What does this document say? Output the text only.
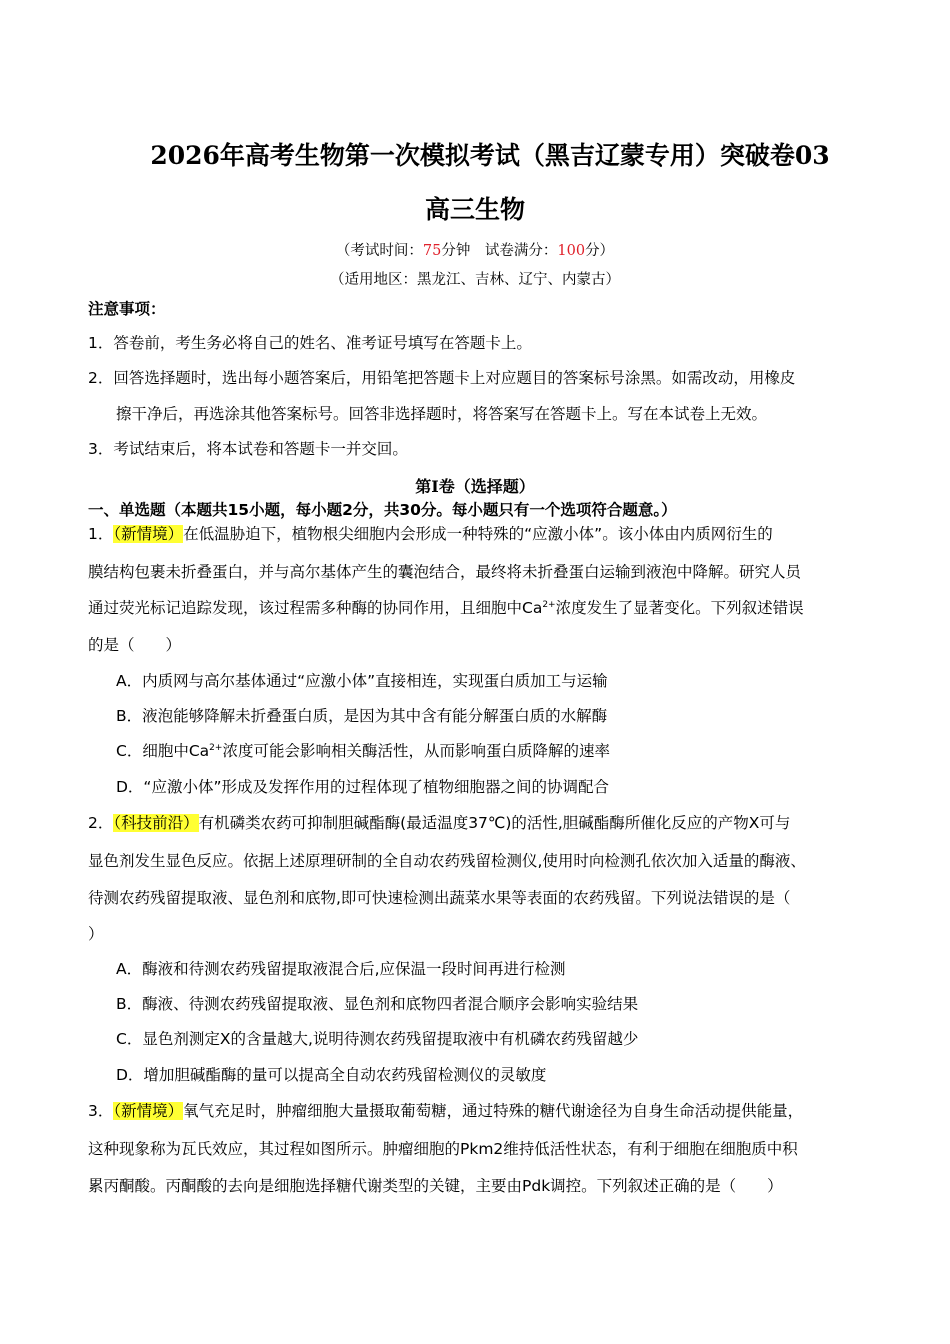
2026年高考生物第一次模拟考试（黑吉辽蒙专用）突破卷03
高三生物
（考试时间：75分钟　试卷满分：100分）
（适用地区：黑龙江、吉林、辽宁、内蒙古）
注意事项：
1．答卷前，考生务必将自己的姓名、准考证号填写在答题卡上。
2．回答选择题时，选出每小题答案后，用铅笔把答题卡上对应题目的答案标号涂黑。如需改动，用橡皮
擦干净后，再选涂其他答案标号。回答非选择题时，将答案写在答题卡上。写在本试卷上无效。
3．考试结束后，将本试卷和答题卡一并交回。
第Ⅰ卷（选择题）
一、单选题（本题共15小题，每小题2分，共30分。每小题只有一个选项符合题意。）
1．（新情境）在低温胁迫下，植物根尖细胞内会形成一种特殊的“应激小体”。该小体由内质网衍生的
膜结构包裹未折叠蛋白，并与高尔基体产生的囊泡结合，最终将未折叠蛋白运输到液泡中降解。研究人员
通过荧光标记追踪发现，该过程需多种酶的协同作用，且细胞中$Ca^{2+}$浓度发生了显著变化。下列叙述错误
的是（　　）
A．内质网与高尔基体通过“应激小体”直接相连，实现蛋白质加工与运输
B．液泡能够降解未折叠蛋白质，是因为其中含有能分解蛋白质的水解酶
C．细胞中$Ca^{2+}$浓度可能会影响相关酶活性，从而影响蛋白质降解的速率
D．“应激小体”形成及发挥作用的过程体现了植物细胞器之间的协调配合
2．（科技前沿）有机磷类农药可抑制胆碱酯酶(最适温度37℃)的活性,胆碱酯酶所催化反应的产物X可与
显色剂发生显色反应。依据上述原理研制的全自动农药残留检测仪,使用时向检测孔依次加入适量的酶液、
待测农药残留提取液、显色剂和底物,即可快速检测出蔬菜水果等表面的农药残留。下列说法错误的是（
）
A．酶液和待测农药残留提取液混合后,应保温一段时间再进行检测
B．酶液、待测农药残留提取液、显色剂和底物四者混合顺序会影响实验结果
C．显色剂测定X的含量越大,说明待测农药残留提取液中有机磷农药残留越少
D．增加胆碱酯酶的量可以提高全自动农药残留检测仪的灵敏度
3．（新情境）氧气充足时，肿瘤细胞大量摄取葡萄糖，通过特殊的糖代谢途径为自身生命活动提供能量，
这种现象称为瓦氏效应，其过程如图所示。肿瘤细胞的Pkm2维持低活性状态，有利于细胞在细胞质中积
累丙酮酸。丙酮酸的去向是细胞选择糖代谢类型的关键，主要由Pdk调控。下列叙述正确的是（　　）
